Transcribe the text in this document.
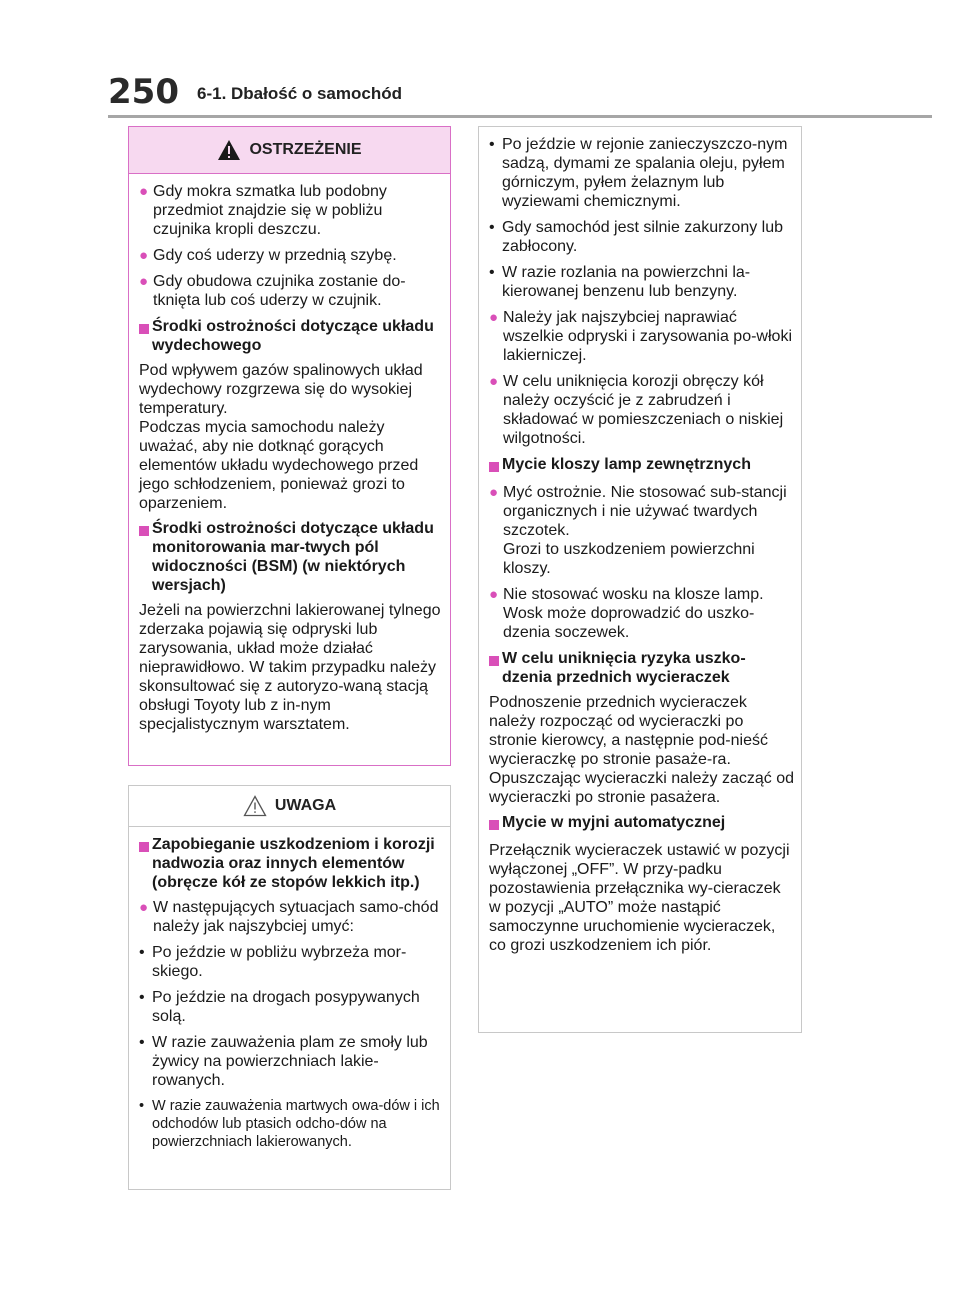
250 6-1. Dbałość o samochód
OSTRZEŻENIE
● Gdy mokra szmatka lub podobny przedmiot znajdzie się w pobliżu czujnika kropli deszczu.
● Gdy coś uderzy w przednią szybę.
● Gdy obudowa czujnika zostanie do-tknięta lub coś uderzy w czujnik.
Środki ostrożności dotyczące układu wydechowego

Pod wpływem gazów spalinowych układ wydechowy rozgrzewa się do wysokiej temperatury.

Podczas mycia samochodu należy uważać, aby nie dotknąć gorących elementów układu wydechowego przed jego schłodzeniem, ponieważ grozi to oparzeniem.

Środki ostrożności dotyczące układu monitorowania mar-twych pól widoczności (BSM) (w niektórych wersjach)

Jeżeli na powierzchni lakierowanej tylnego zderzaka pojawią się odpryski lub zarysowania, układ może działać nieprawidłowo. W takim przypadku należy skonsultować się z autoryzo-waną stacją obsługi Toyoty lub z in-nym specjalistycznym warsztatem.

UWAGA
Zapobieganie uszkodzeniom i korozji nadwozia oraz innych elementów (obręcze kół ze stopów lekkich itp.)
● W następujących sytuacjach samo-chód należy jak najszybciej umyć:
• Po jeździe w pobliżu wybrzeża mor-skiego.
• Po jeździe na drogach posypywanych solą.
• W razie zauważenia plam ze smoły lub żywicy na powierzchniach lakie-rowanych.
• W razie zauważenia martwych owa-dów i ich odchodów lub ptasich odcho-dów na powierzchniach lakierowanych.
• Po jeździe w rejonie zanieczyszczo-nym sadzą, dymami ze spalania oleju, pyłem górniczym, pyłem żelaznym lub wyziewami chemicznymi.
• Gdy samochód jest silnie zakurzony lub zabłocony.
• W razie rozlania na powierzchni la-kierowanej benzenu lub benzyny.
● Należy jak najszybciej naprawiać wszelkie odpryski i zarysowania po-włoki lakierniczej.
● W celu uniknięcia korozji obręczy kół należy oczyścić je z zabrudzeń i składować w pomieszczeniach o niskiej wilgotności.
Mycie kloszy lamp zewnętrznych
● Myć ostrożnie. Nie stosować sub-stancji organicznych i nie używać twardych szczotek.
Grozi to uszkodzeniem powierzchni kloszy.
● Nie stosować wosku na klosze lamp. Wosk może doprowadzić do uszko-dzenia soczewek.
W celu uniknięcia ryzyka uszko-dzenia przednich wycieraczek

Podnoszenie przednich wycieraczek należy rozpocząć od wycieraczki po stronie kierowcy, a następnie pod-nieść wycieraczkę po stronie pasaże-ra. Opuszczając wycieraczki należy zacząć od wycieraczki po stronie pasażera.

Mycie w myjni automatycznej

Przełącznik wycieraczek ustawić w pozycji wyłączonej „OFF”. W przy-padku pozostawienia przełącznika wy-cieraczek w pozycji „AUTO” może nastąpić samoczynne uruchomienie wycieraczek, co grozi uszkodzeniem ich piór.
